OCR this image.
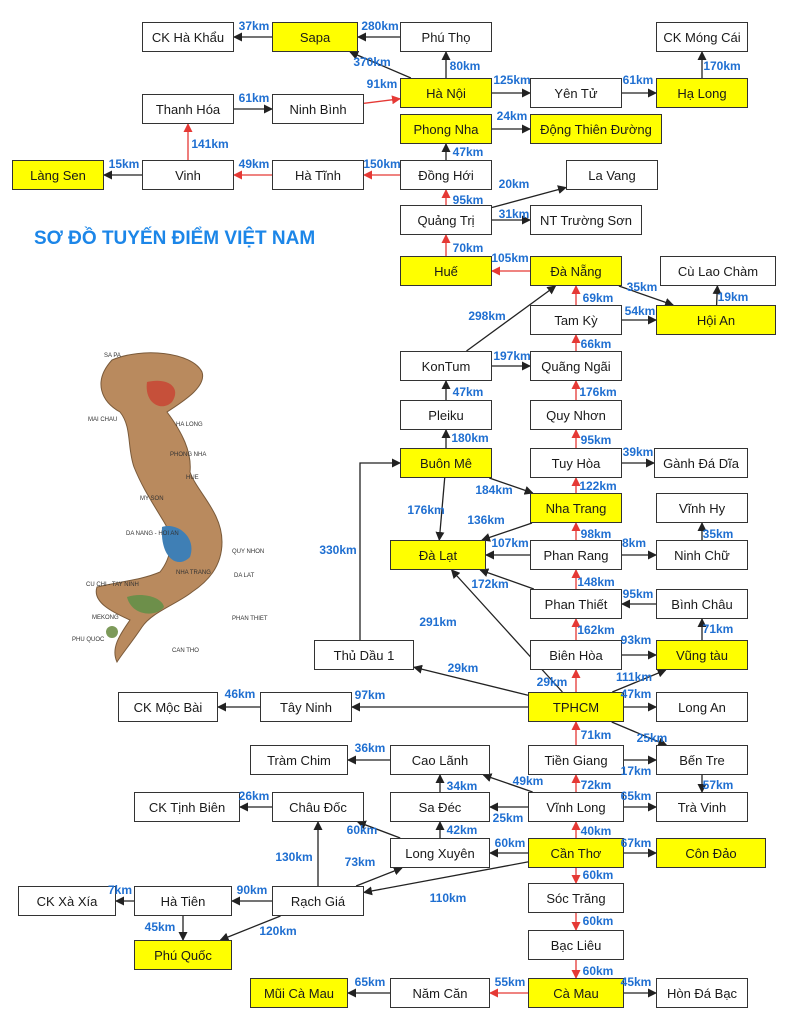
SƠ ĐỒ TUYẾN ĐIỂM VIỆT NAM
SA PA
MAI CHAU
HA LONG
PHONG NHA
HUE
MY SON
DA NANG - HOI AN
QUY NHON
NHA TRANG	DA LAT
CU CHI - TAY NINH
MEKONG	PHAN THIET
PHU QUOC
CAN THO
CK Hà Khẩu	Sapa	Phú Thọ	CK Móng Cái
Thanh Hóa	Ninh Bình
Hà Nội	Yên Tử	Hạ Long
Phong Nha	Động Thiên Đường
Làng Sen	Vinh	Hà Tĩnh	Đồng Hới	La Vang
Quảng Trị	NT Trường Sơn
Huế	Đà Nẵng	Cù Lao Chàm
Tam Kỳ	Hội An
KonTum	Quãng Ngãi
Pleiku	Quy Nhơn
Buôn Mê	Tuy Hòa	Gành Đá Dĩa
Nha Trang	Vĩnh Hy
Đà Lạt	Phan Rang	Ninh Chữ
Phan Thiết	Bình Châu
Thủ Dầu 1	Biên Hòa	Vũng tàu
CK Mộc Bài	Tây Ninh	TPHCM	Long An
Tràm Chim	Cao Lãnh	Tiền Giang	Bến Tre
CK Tịnh Biên	Châu Đốc	Sa Đéc	Vĩnh Long	Trà Vinh
Long Xuyên	Cần Thơ	Côn Đảo
CK Xà Xía	Hà Tiên	Rạch Giá	Sóc Trăng
Phú Quốc
Bạc Liêu
Mũi Cà Mau	Năm Căn	Cà Mau	Hòn Đá Bạc
37km	280km
370km	80km
125km	61km
170km
91km
61km
141km
24km
47km
150km
49km
15km
95km
20km
31km
70km
105km
35km
19km
69km
54km
66km
298km
197km
47km	176km
180km	95km
39km
122km
184km
176km
136km
98km
107km	8km
35km
148km
172km
95km
71km
162km
93km
29km	111km
291km
29km
330km
47km
97km
46km
71km
17km
25km
72km
65km
57km
49km
36km
25km
34km
42km	40km
60km	67km
60km
26km
130km	73km
110km
90km
7km
45km	120km
60km
60km
60km
55km
65km	45km
